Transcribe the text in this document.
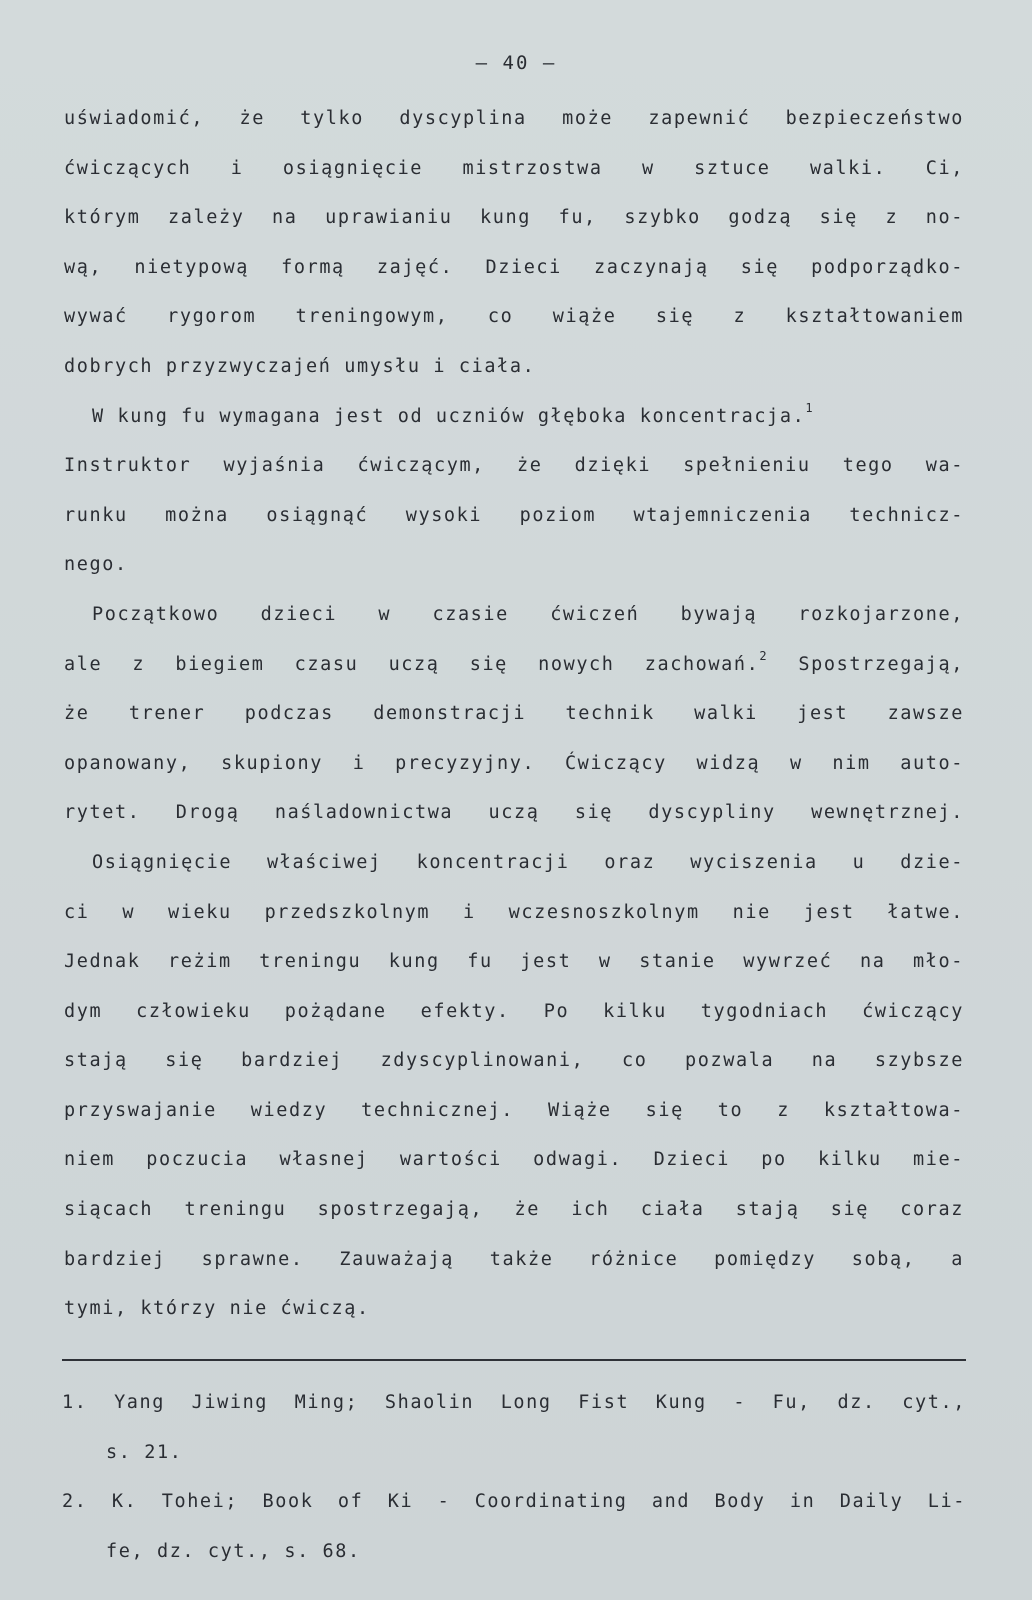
— 40 —
uświadomić, że tylko dyscyplina może zapewnić bezpieczeństwo
ćwiczących i osiągnięcie mistrzostwa w sztuce walki. Ci,
którym zależy na uprawianiu kung fu, szybko godzą się z no-
wą, nietypową formą zajęć. Dzieci zaczynają się podporządko-
wywać rygorom treningowym, co wiąże się z kształtowaniem
dobrych przyzwyczajeń umysłu i ciała.
W kung fu wymagana jest od uczniów głęboka koncentracja.$^1$
Instruktor wyjaśnia ćwiczącym, że dzięki spełnieniu tego wa-
runku można osiągnąć wysoki poziom wtajemniczenia technicz-
nego.
Początkowo dzieci w czasie ćwiczeń bywają rozkojarzone,
ale z biegiem czasu uczą się nowych zachowań.$^2$ Spostrzegają,
że trener podczas demonstracji technik walki jest zawsze
opanowany, skupiony i precyzyjny. Ćwiczący widzą w nim auto-
rytet. Drogą naśladownictwa uczą się dyscypliny wewnętrznej.
Osiągnięcie właściwej koncentracji oraz wyciszenia u dzie-
ci w wieku przedszkolnym i wczesnoszkolnym nie jest łatwe.
Jednak reżim treningu kung fu jest w stanie wywrzeć na mło-
dym człowieku pożądane efekty. Po kilku tygodniach ćwiczący
stają się bardziej zdyscyplinowani, co pozwala na szybsze
przyswajanie wiedzy technicznej. Wiąże się to z kształtowa-
niem poczucia własnej wartości odwagi. Dzieci po kilku mie-
siącach treningu spostrzegają, że ich ciała stają się coraz
bardziej sprawne. Zauważają także różnice pomiędzy sobą, a
tymi, którzy nie ćwiczą.
1. Yang Jiwing Ming; Shaolin Long Fist Kung - Fu, dz. cyt.,
s. 21.
2. K. Tohei; Book of Ki - Coordinating and Body in Daily Li-
fe, dz. cyt., s. 68.
